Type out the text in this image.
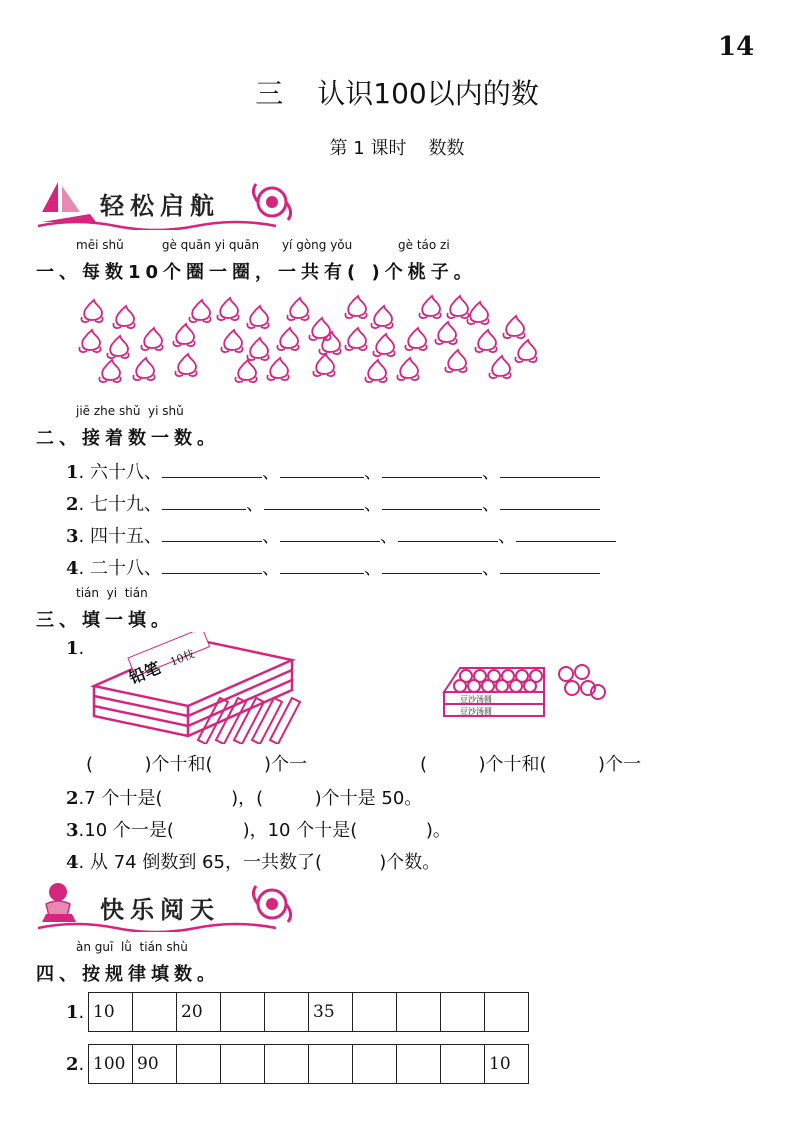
14
三 认识100以内的数
第 1 课时 数数
轻松启航
mēi shǔ          gè quān yi quān      yí gòng yǒu            gè táo zi
一、每数10个圈一圈，一共有( )个桃子。
jiē zhe shǔ  yi shǔ
二、接着数一数。
1. 六十八、	、	、	、
2. 七十九、	、	、	、
3. 四十五、	、	、	、
4. 二十八、	、	、	、
tián  yi  tián
三、填一填。
1.
铅笔
10枝
豆沙汤圆
豆沙汤圆
(         )个十和(         )个一	(         )个十和(         )个一
2.7 个十是(            )，(         )个十是 50。
3.10 个一是(            )，10 个十是(            )。
4. 从 74 倒数到 65，一共数了(          )个数。
快乐阅天
àn guī  lǜ  tián shù
四、按规律填数。
1. 10		20			35				
2. 100	90								10
